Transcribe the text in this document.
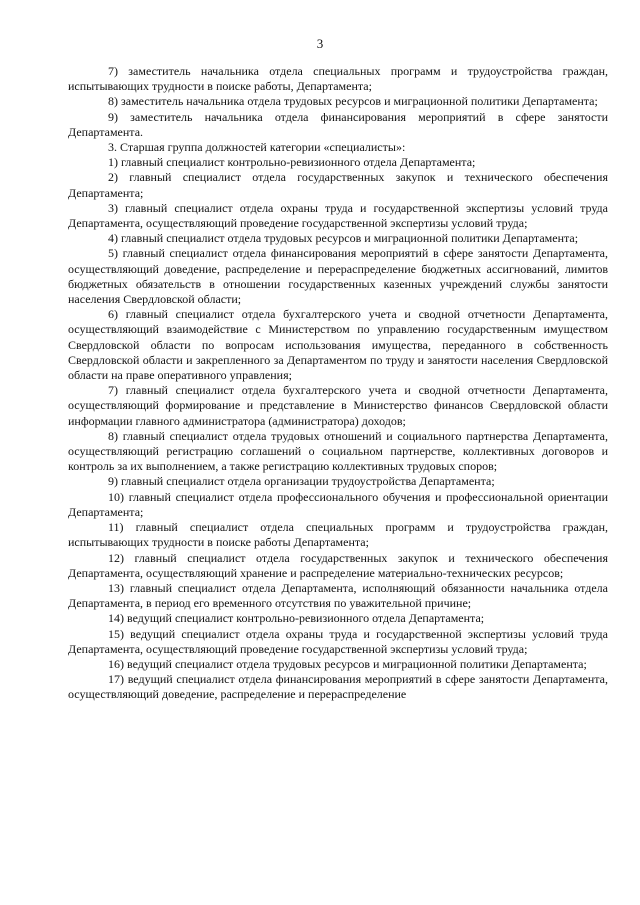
3

7) заместитель начальника отдела специальных программ и трудоустройства граждан, испытывающих трудности в поиске работы, Департамента;

8) заместитель начальника отдела трудовых ресурсов и миграционной политики Департамента;

9) заместитель начальника отдела финансирования мероприятий в сфере занятости Департамента.

3. Старшая группа должностей категории «специалисты»:

1) главный специалист контрольно-ревизионного отдела Департамента;

2) главный специалист отдела государственных закупок и технического обеспечения Департамента;

3) главный специалист отдела охраны труда и государственной экспертизы условий труда Департамента, осуществляющий проведение государственной экспертизы условий труда;

4) главный специалист отдела трудовых ресурсов и миграционной политики Департамента;

5) главный специалист отдела финансирования мероприятий в сфере занятости Департамента, осуществляющий доведение, распределение и перераспределение бюджетных ассигнований, лимитов бюджетных обязательств в отношении государственных казенных учреждений службы занятости населения Свердловской области;

6) главный специалист отдела бухгалтерского учета и сводной отчетности Департамента, осуществляющий взаимодействие с Министерством по управлению государственным имуществом Свердловской области по вопросам использования имущества, переданного в собственность Свердловской области и закрепленного за Департаментом по труду и занятости населения Свердловской области на праве оперативного управления;

7) главный специалист отдела бухгалтерского учета и сводной отчетности Департамента, осуществляющий формирование и представление в Министерство финансов Свердловской области информации главного администратора (администратора) доходов;

8) главный специалист отдела трудовых отношений и социального партнерства Департамента, осуществляющий регистрацию соглашений о социальном партнерстве, коллективных договоров и контроль за их выполнением, а также регистрацию коллективных трудовых споров;

9) главный специалист отдела организации трудоустройства Департамента;

10) главный специалист отдела профессионального обучения и профессиональной ориентации Департамента;

11) главный специалист отдела специальных программ и трудоустройства граждан, испытывающих трудности в поиске работы Департамента;

12) главный специалист отдела государственных закупок и технического обеспечения Департамента, осуществляющий хранение и распределение материально-технических ресурсов;

13) главный специалист отдела Департамента, исполняющий обязанности начальника отдела Департамента, в период его временного отсутствия по уважительной причине;

14) ведущий специалист контрольно-ревизионного отдела Департамента;

15) ведущий специалист отдела охраны труда и государственной экспертизы условий труда Департамента, осуществляющий проведение государственной экспертизы условий труда;

16) ведущий специалист отдела трудовых ресурсов и миграционной политики Департамента;

17) ведущий специалист отдела финансирования мероприятий в сфере занятости Департамента, осуществляющий доведение, распределение и перераспределение
